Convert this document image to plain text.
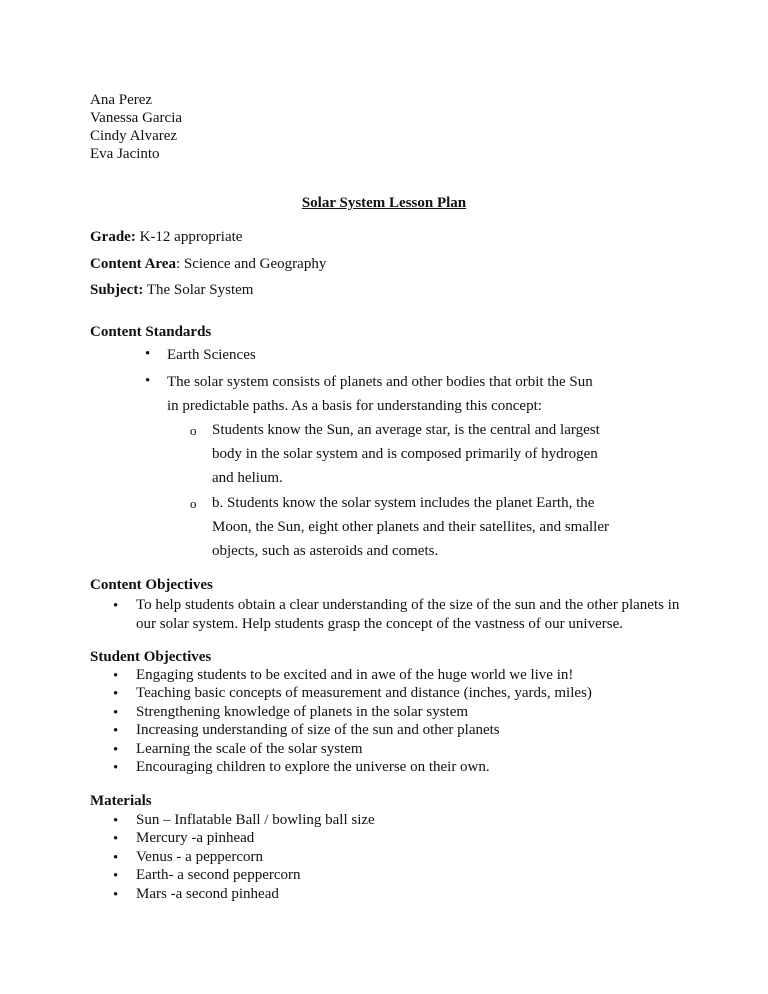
Ana Perez
Vanessa Garcia
Cindy Alvarez
Eva Jacinto
Solar System Lesson Plan
Grade: K-12 appropriate
Content Area: Science and Geography
Subject: The Solar System
Content Standards
• Earth Sciences
• The solar system consists of planets and other bodies that orbit the Sun in predictable paths. As a basis for understanding this concept:
o Students know the Sun, an average star, is the central and largest body in the solar system and is composed primarily of hydrogen and helium.
o b. Students know the solar system includes the planet Earth, the Moon, the Sun, eight other planets and their satellites, and smaller objects, such as asteroids and comets.
Content Objectives
• To help students obtain a clear understanding of the size of the sun and the other planets in our solar system. Help students grasp the concept of the vastness of our universe.
Student Objectives
• Engaging students to be excited and in awe of the huge world we live in!
• Teaching basic concepts of measurement and distance (inches, yards, miles)
• Strengthening knowledge of planets in the solar system
• Increasing understanding of size of the sun and other planets
• Learning the scale of the solar system
• Encouraging children to explore the universe on their own.
Materials
• Sun – Inflatable Ball / bowling ball size
• Mercury -a pinhead
• Venus - a peppercorn
• Earth- a second peppercorn
• Mars -a second pinhead
